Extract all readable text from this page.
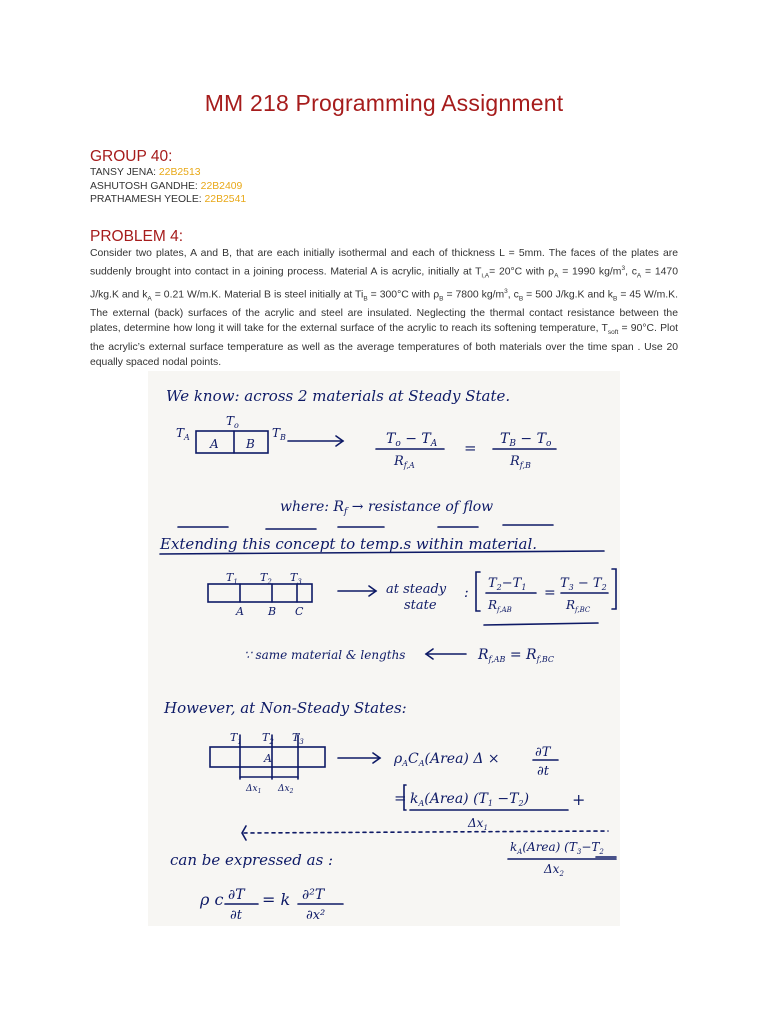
MM 218 Programming Assignment
GROUP 40:
TANSY JENA: 22B2513
ASHUTOSH GANDHE: 22B2409
PRATHAMESH YEOLE: 22B2541
PROBLEM 4:

Consider two plates, A and B, that are each initially isothermal and each of thickness L = 5mm. The faces of the plates are suddenly brought into contact in a joining process. Material A is acrylic, initially at $T_{i,A}= 20^\circ C$ with $\rho_A = 1990$ $kg/m^3$, $c_A = 1470$ J/kg.K and $k_A = 0.21$ W/m.K. Material B is steel initially at $Ti_B = 300^\circ C$ with $\rho_B = 7800$ $kg/m^3$, $c_B = 500$ J/kg.K and $k_B = 45$ W/m.K. The external (back) surfaces of the acrylic and steel are insulated. Neglecting the thermal contact resistance between the plates, determine how long it will take for the external surface of the acrylic to reach its softening temperature, $T_{soft} = 90^\circ C$. Plot the acrylic’s external surface temperature as well as the average temperatures of both materials over the time span . Use 20 equally spaced nodal points.

We know: across 2 materials at Steady State.
$T_A$
$T_o$
A B
$T_B$	$T_o - T_A$
$R_{f,A}$
= $T_B - T_o$
$R_{f,B}$
where: $R_f$ → resistance of flow
Extending this concept to temp.s within material.
$T_1$ $T_2$ $T_3$
A B C
at steady
state
:
$T_2-T_1$
$R_{f,AB}$
=
$T_3 - T_2$
$R_{f,BC}$
∵ same material & lengths	$R_{f,AB} = R_{f,BC}$
However, at Non-Steady States:
$T_1$ $T_2$ $T_3$
A
$\Delta x_1$ $\Delta x_2$
$\rho_AC_A(Area) \Delta$ ×	∂T
∂t
= $k_A(Area)$ $(T_1 -T_2)$	+
$\Delta x_1$
$k_A(Area)$ ($T_3-T_2$
$\Delta x_2$
can be expressed as :
ρ c ∂T
∂t
= k ∂²T
∂x²
